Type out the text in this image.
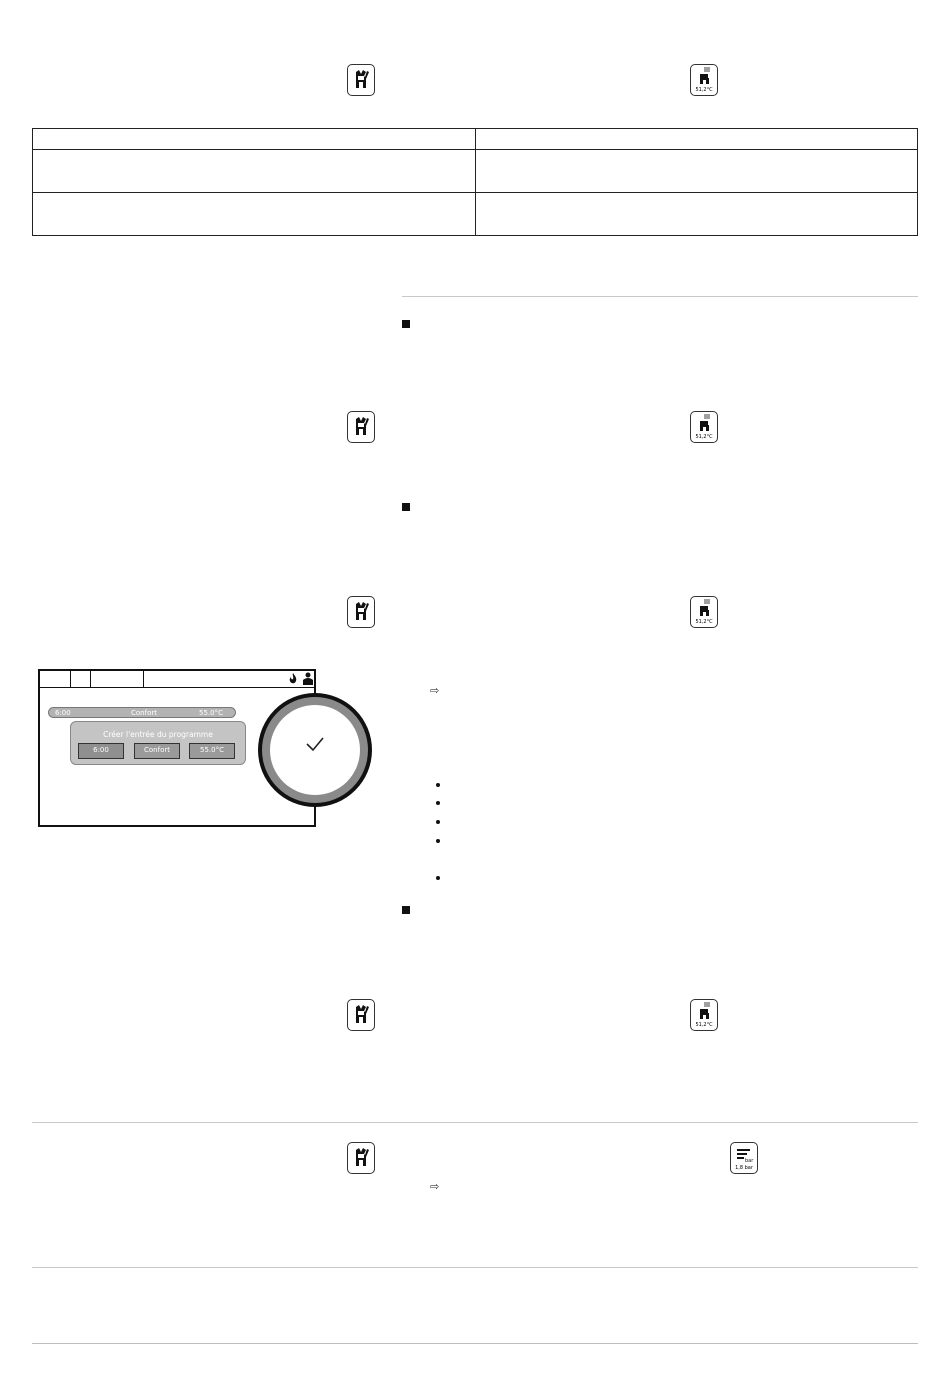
51,2°C

51,2°C
51,2°C
6:00	Confort	55.0°C
Créer l'entrée du programme
6:00	Confort	55.0°C
⇨
51,2°C
bar
1,8 bar
⇨
